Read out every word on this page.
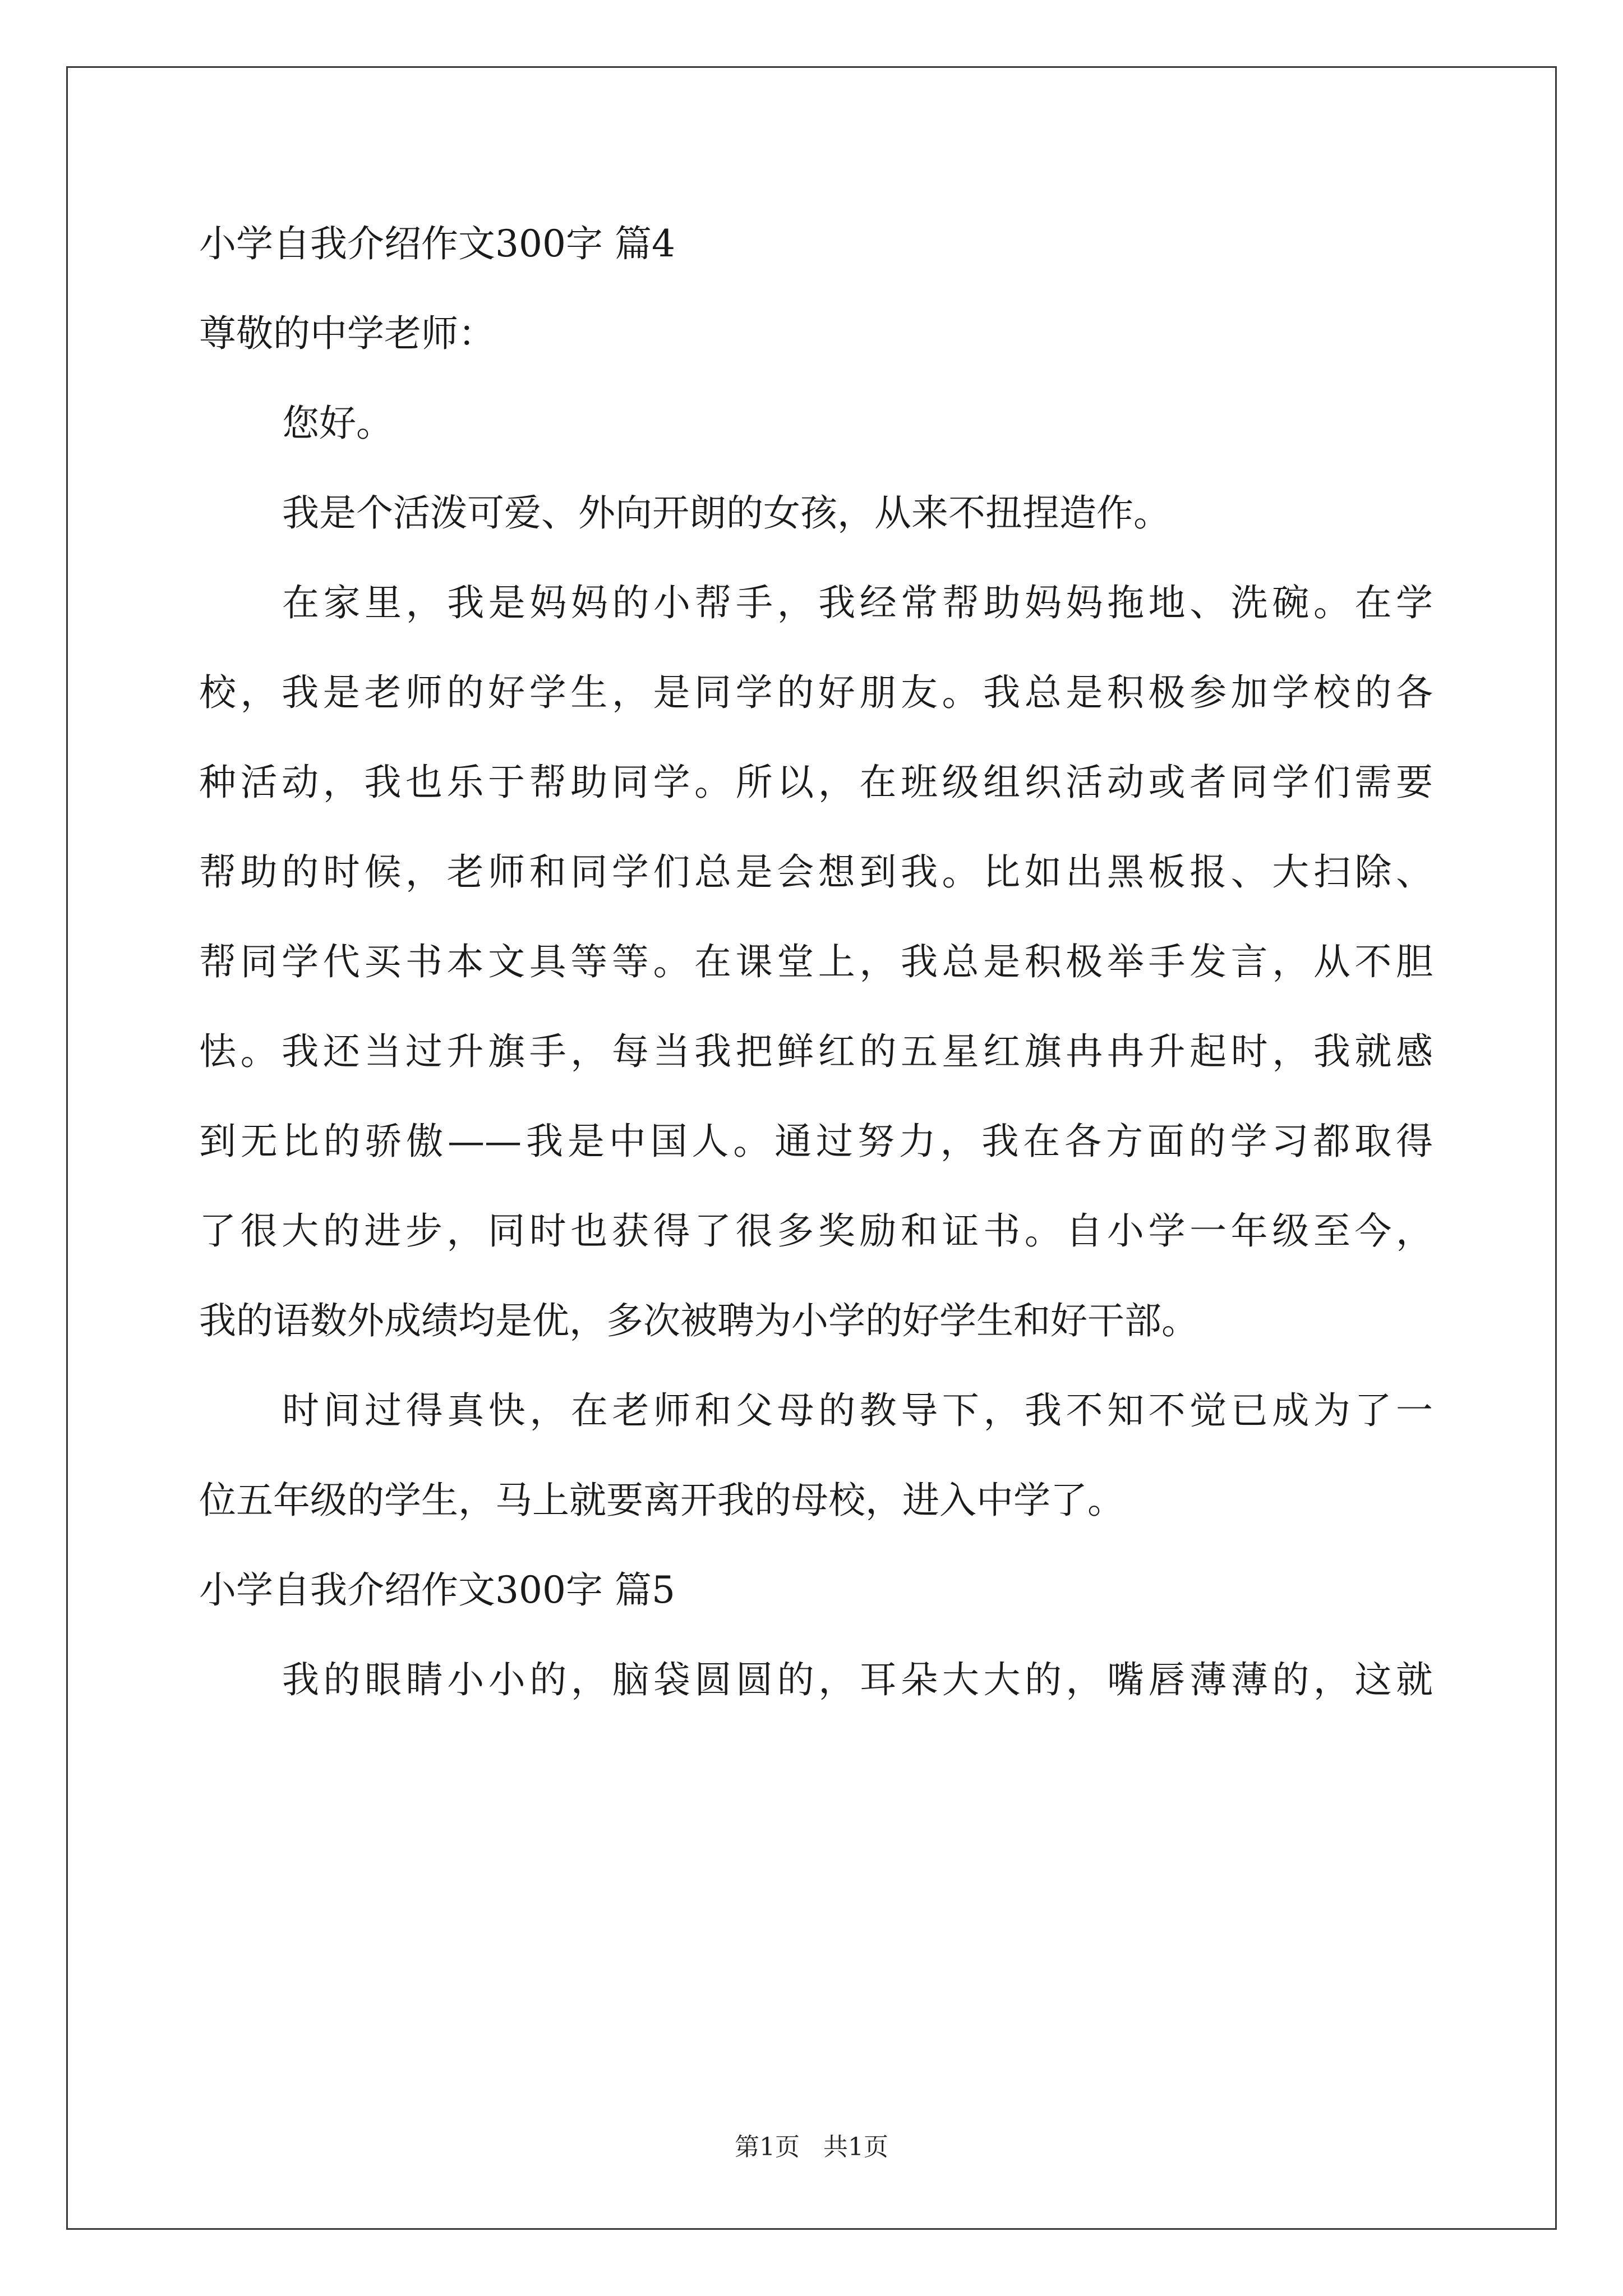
小学自我介绍作文300字 篇4
尊敬的中学老师：
您好。
我是个活泼可爱、外向开朗的女孩，从来不扭捏造作。
在家里，我是妈妈的小帮手，我经常帮助妈妈拖地、洗碗。在学
校，我是老师的好学生，是同学的好朋友。我总是积极参加学校的各
种活动，我也乐于帮助同学。所以，在班级组织活动或者同学们需要
帮助的时候，老师和同学们总是会想到我。比如出黑板报、大扫除、
帮同学代买书本文具等等。在课堂上，我总是积极举手发言，从不胆
怯。我还当过升旗手，每当我把鲜红的五星红旗冉冉升起时，我就感
到无比的骄傲——我是中国人。通过努力，我在各方面的学习都取得
了很大的进步，同时也获得了很多奖励和证书。自小学一年级至今，
我的语数外成绩均是优，多次被聘为小学的好学生和好干部。
时间过得真快，在老师和父母的教导下，我不知不觉已成为了一
位五年级的学生，马上就要离开我的母校，进入中学了。
小学自我介绍作文300字 篇5
我的眼睛小小的，脑袋圆圆的，耳朵大大的，嘴唇薄薄的，这就
第1页   共1页
